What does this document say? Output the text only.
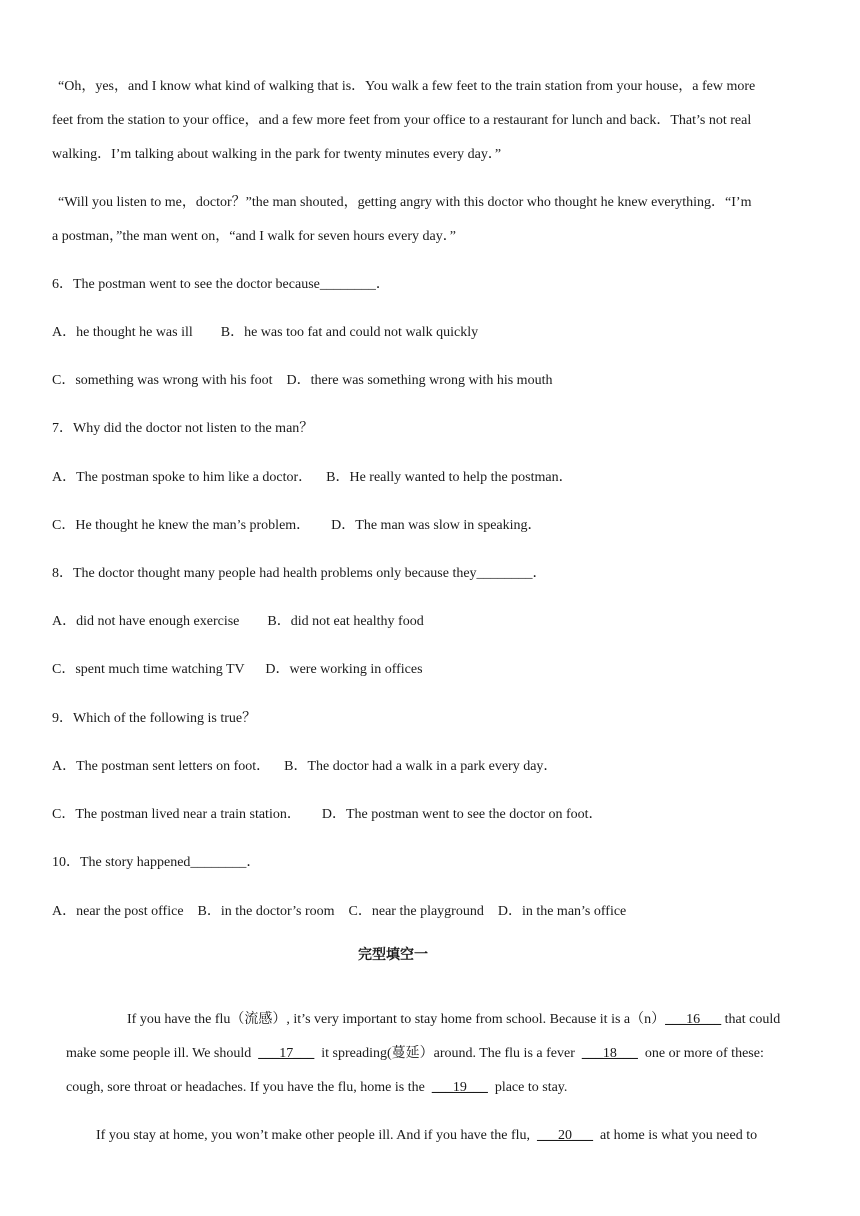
“Oh，yes，and I know what kind of walking that is．You walk a few feet to the train station from your house，a few more
feet from the station to your office，and a few more feet from your office to a restaurant for lunch and back．That’s not real
walking．I’m talking about walking in the park for twenty minutes every day．”
“Will you listen to me，doctor？”the man shouted，getting angry with this doctor who thought he knew everything．“I’m
a postman，”the man went on，“and I walk for seven hours every day．”
6．The postman went to see the doctor because________．
A．he thought he was ill        B．he was too fat and could not walk quickly
C．something was wrong with his foot    D．there was something wrong with his mouth
7．Why did the doctor not listen to the man？
A．The postman spoke to him like a doctor．    B．He really wanted to help the postman．
C．He thought he knew the man’s problem．      D．The man was slow in speaking．
8．The doctor thought many people had health problems only because they________．
A．did not have enough exercise        B．did not eat healthy food
C．spent much time watching TV      D．were working in offices
9．Which of the following is true？
A．The postman sent letters on foot．    B．The doctor had a walk in a park every day．
C．The postman lived near a train station．      D．The postman went to see the doctor on foot．
10．The story happened________．
A．near the post office    B．in the doctor’s room    C．near the playground    D．in the man’s office
完型填空一

If you have the flu（流感）, it’s very important to stay home from school. Because it is a（n）___16___ that could

make some people ill. We should  ___17___  it spreading(蔓延）around. The flu is a fever  ___18___  one or more of these:

cough, sore throat or headaches. If you have the flu, home is the  ___19___  place to stay.

If you stay at home, you won’t make other people ill. And if you have the flu,  ___20___  at home is what you need to
